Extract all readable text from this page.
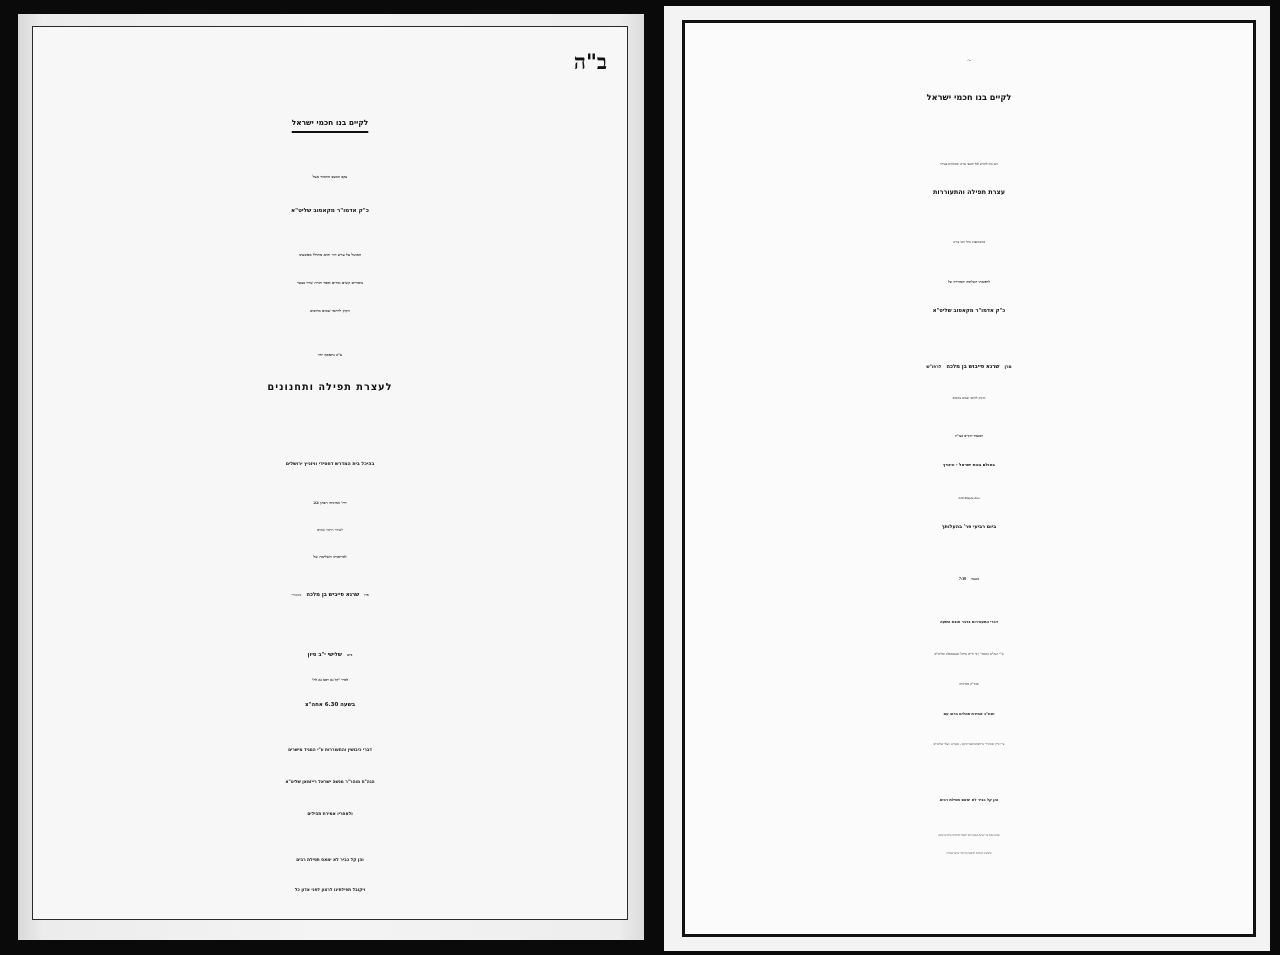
ב"ה
לקיים בנו חכמי ישראל
עקב המצב החמור אצל
כ"ק אדמו"ר מקאסוב שליט"א
המוטל על ערש דווי והוא מחולל מפשעינו
ביסורים קשים ומרים וספר תורה שרוי בצער
וזקוק לרחמי שמים מרובים
ע"כ נתאסף יחד
לעצרת תפילה ותחנונים
בהיכל בית המדרש דחסידי וויזניץ ירושלים
רח' אדוניהו הכהן 22
לעורר רחמי שמים
לבריאותו השלימה של
מרן שרגא פייביש בן מלכה בתושח"י
ביום שלישי י"ב סיון
לסדר "קל נא רפא נא לה"
בשעה 6.30 אחה"צ
דברי כיבושין והתעוררות ע"י המגיד מישרים
הגה"ח מוהר"ר מנשה ישראל רייזמאן שליט"א
ולאחריו אמירת תהילים
והן קל כביר לא ימאס תפילת רבים
ויקובל תפילתינו לרצון לפני אדון כל
בס"ד
לקיים בנו חכמי ישראל
הננו בזה להודיע לכל תושבי עירינו שתתקיים בעז"ה
עצרת תפילה והתעוררות
בהשתתפות גדולי רבני עירינו
לרפואתו השלימה והמהירה של
כ"ק אדמו"ר מקאסוב שליט"א
מרן שרגא פייבוש בן מלכה לרפו"ש
הזקוק לרחמי שמים מרובים
המעמד יתקיים בעז"ה
באולם בנות ישראל - וויזניץ
229 Maple Ave
ביום רביעי פר' בהעלותך
בשעה 7:30
דברי התעוררות בדבר חובת השעה
ע"י הגה"צ המפור' רבי חיים פייבל שנעעבאלג שליט"א
אבד"ק אברכים
ואח"כ אמירת תהלים ברוב עם
ע"י כ"ק אדמו"ר מ'ראחמיסטריווקא – ספרינג וועלי שליט"א
והן קל כביר לא ימאס תפילת רבים
ובזכות זעקת בני ישראל מעומק הלב יתקבלו תפילותינו ברחמים וברצון
לרפואתו השלימה ולרפואת כל חולי ישראל במהרה
